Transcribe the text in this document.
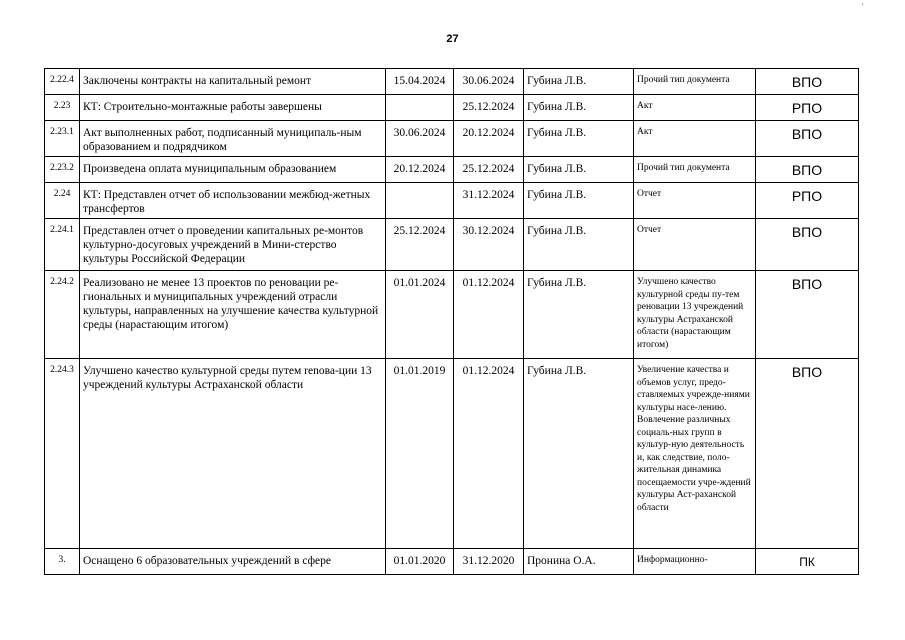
'
27
2.22.4	Заключены контракты на капитальный ремонт	15.04.2024	30.06.2024	Губина Л.В.	Прочий тип документа	ВПО
2.23	КТ: Строительно-монтажные работы завершены		25.12.2024	Губина Л.В.	Акт	РПО
2.23.1	Акт выполненных работ, подписанный муниципаль-ным образованием и подрядчиком	30.06.2024	20.12.2024	Губина Л.В.	Акт	ВПО
2.23.2	Произведена оплата муниципальным образованием	20.12.2024	25.12.2024	Губина Л.В.	Прочий тип документа	ВПО
2.24	КТ: Представлен отчет об использовании межбюд-жетных трансфертов		31.12.2024	Губина Л.В.	Отчет	РПО
2.24.1	Представлен отчет о проведении капитальных ре-монтов культурно-досуговых учреждений в Мини-стерство культуры Российской Федерации	25.12.2024	30.12.2024	Губина Л.В.	Отчет	ВПО
2.24.2	Реализовано не менее 13 проектов по реновации ре-гиональных и муниципальных учреждений отрасли культуры, направленных на улучшение качества культурной среды (нарастающим итогом)	01.01.2024	01.12.2024	Губина Л.В.	Улучшено качество культурной среды пу-тем реновации 13 учреждений культуры Астраханской области (нарастающим итогом)	ВПО
2.24.3	Улучшено качество культурной среды путем renова-ции 13 учреждений культуры Астраханской области	01.01.2019	01.12.2024	Губина Л.В.	Увеличение качества и объемов услуг, предо-ставляемых учрежде-ниями культуры насе-лению. Вовлечение различных социаль-ных групп в культур-ную деятельность и, как следствие, поло-жительная динамика посещаемости учре-ждений культуры Аст-раханской области	ВПО
3.	Оснащено 6 образовательных учреждений в сфере	01.01.2020	31.12.2020	Пронина О.А.	Информационно-	ПК
